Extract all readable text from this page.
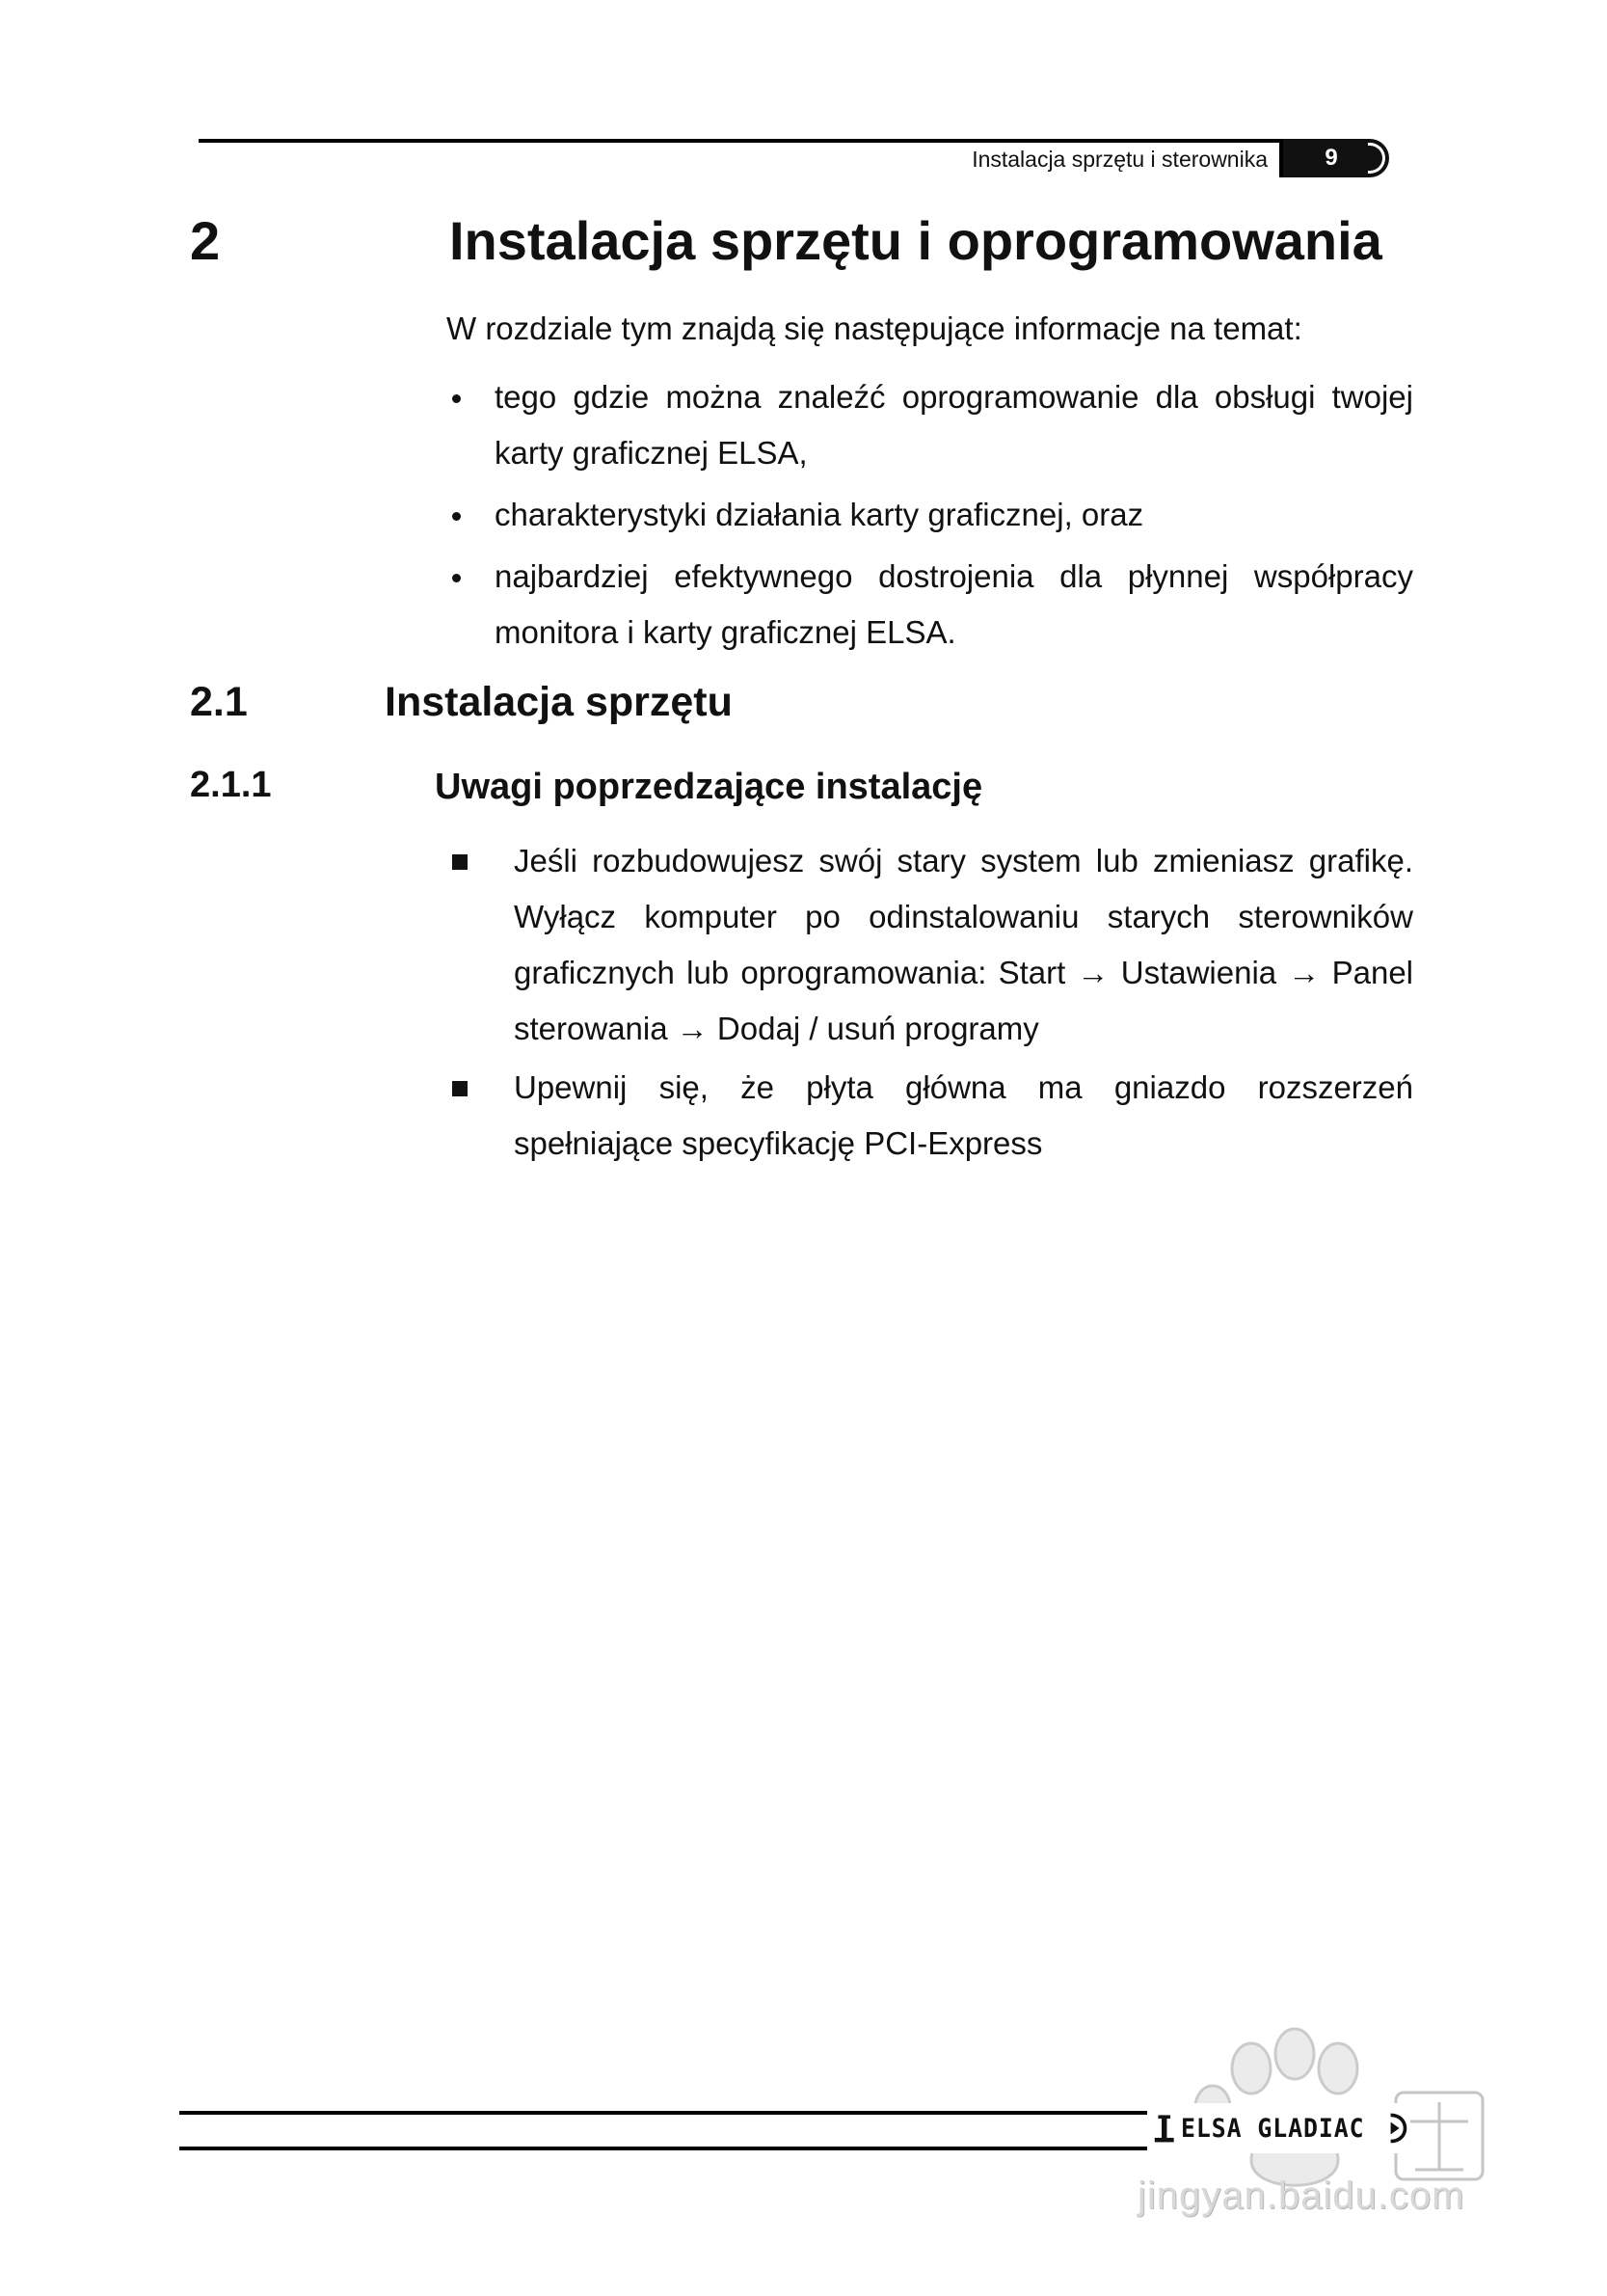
Instalacja sprzętu i sterownika 9
2	Instalacja sprzętu i oprogramowania
W rozdziale tym znajdą się następujące informacje na temat:
tego gdzie można znaleźć oprogramowanie dla obsługi twojej karty graficznej ELSA,
charakterystyki działania karty graficznej, oraz
najbardziej efektywnego dostrojenia dla płynnej współpracy monitora i karty graficznej ELSA.
2.1	Instalacja sprzętu
2.1.1	Uwagi poprzedzające instalację
Jeśli rozbudowujesz swój stary system lub zmieniasz grafikę. Wyłącz komputer po odinstalowaniu starych sterowników graficznych lub oprogramowania: Start → Ustawienia → Panel sterowania → Dodaj / usuń programy
Upewnij się, że płyta główna ma gniazdo rozszerzeń spełniające specyfikację PCI-Express
ELSA GLADIAC
jingyan.baidu.com
